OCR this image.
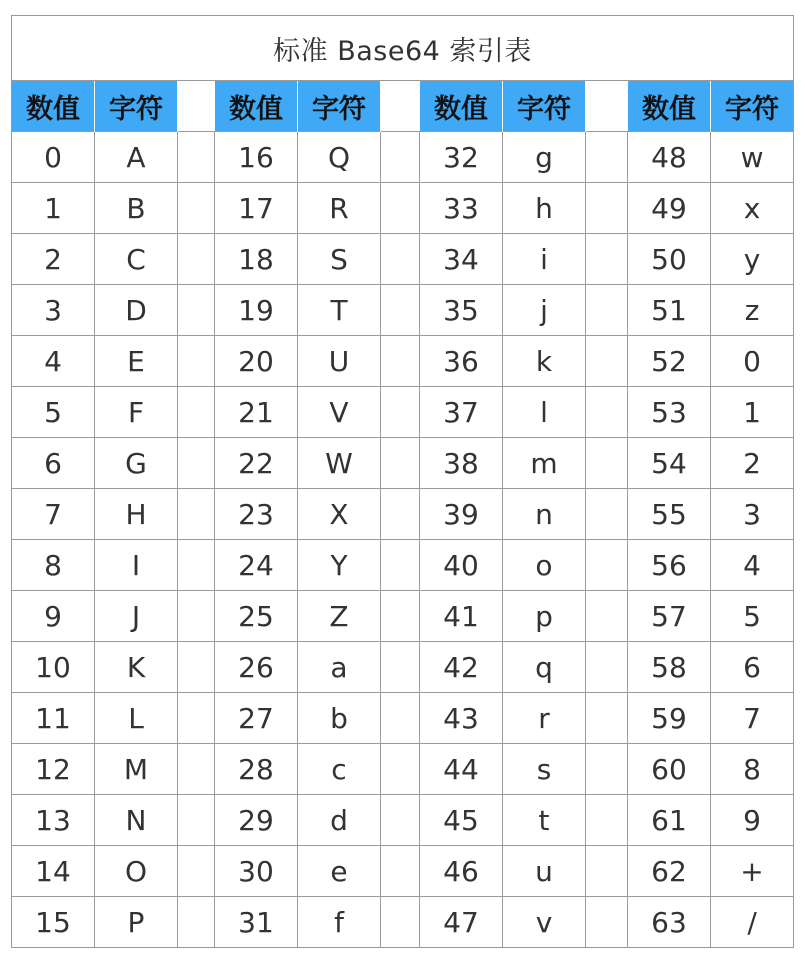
标准 Base64 索引表										
数值	字符		数值	字符		数值	字符		数值	字符
0	A		16	Q		32	g		48	w
1	B		17	R		33	h		49	x
2	C		18	S		34	i		50	y
3	D		19	T		35	j		51	z
4	E		20	U		36	k		52	0
5	F		21	V		37	l		53	1
6	G		22	W		38	m		54	2
7	H		23	X		39	n		55	3
8	I		24	Y		40	o		56	4
9	J		25	Z		41	p		57	5
10	K		26	a		42	q		58	6
11	L		27	b		43	r		59	7
12	M		28	c		44	s		60	8
13	N		29	d		45	t		61	9
14	O		30	e		46	u		62	+
15	P		31	f		47	v		63	/
